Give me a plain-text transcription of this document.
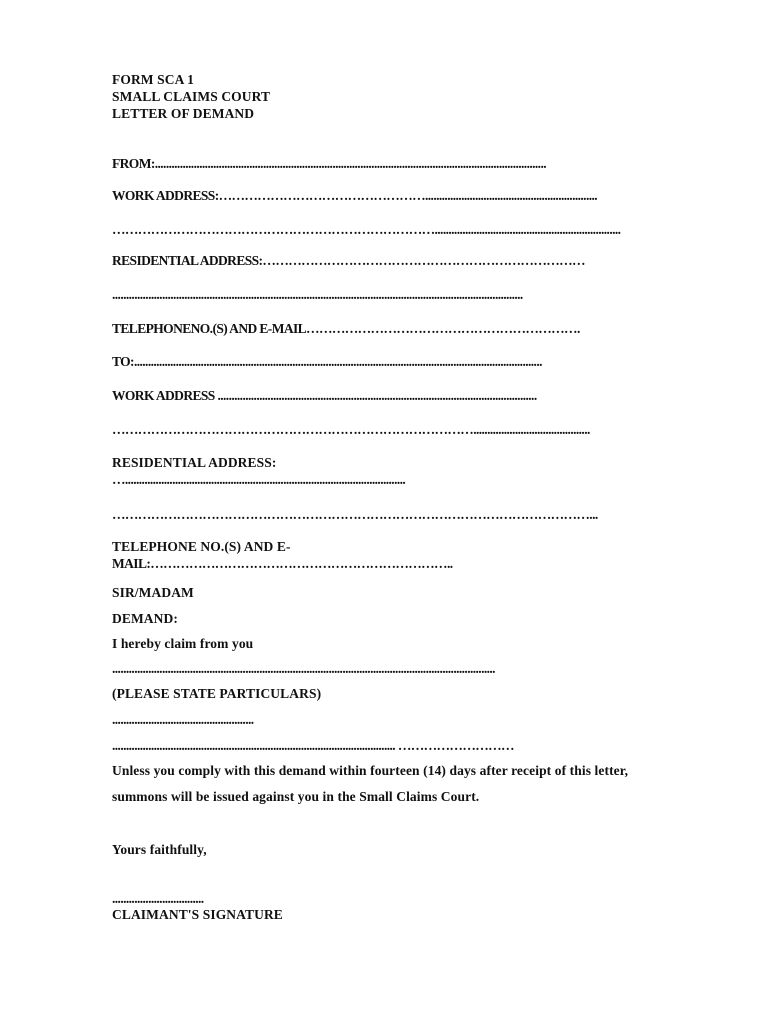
FORM SCA 1
SMALL CLAIMS COURT
LETTER OF DEMAND
FROM:.............................................................................................................................................
WORK ADDRESS:…………………………………………..............................................................
…………………………………………………………………...................................................................
RESIDENTIAL ADDRESS:…………………………………………………………………
....................................................................................................................................................
TELEPHONENO.(S) AND E-MAIL……………………………………………………….
TO:...................................................................................................................................................
WORK ADDRESS ...................................................................................................................
…………………………………………………………………………..........................................
RESIDENTIAL ADDRESS:
….....................................................................................................
…………………………………………………………………………………………………...
TELEPHONE NO.(S) AND E-
MAIL:……………………………………………………………..
SIR/MADAM
DEMAND:
I hereby claim from you
..........................................................................................................................................
(PLEASE STATE PARTICULARS)
...................................................
...................................................................................................... ………………………
Unless you comply with this demand within fourteen (14) days after receipt of this letter,
summons will be issued against you in the Small Claims Court.
Yours faithfully,
.................................
CLAIMANT'S SIGNATURE
